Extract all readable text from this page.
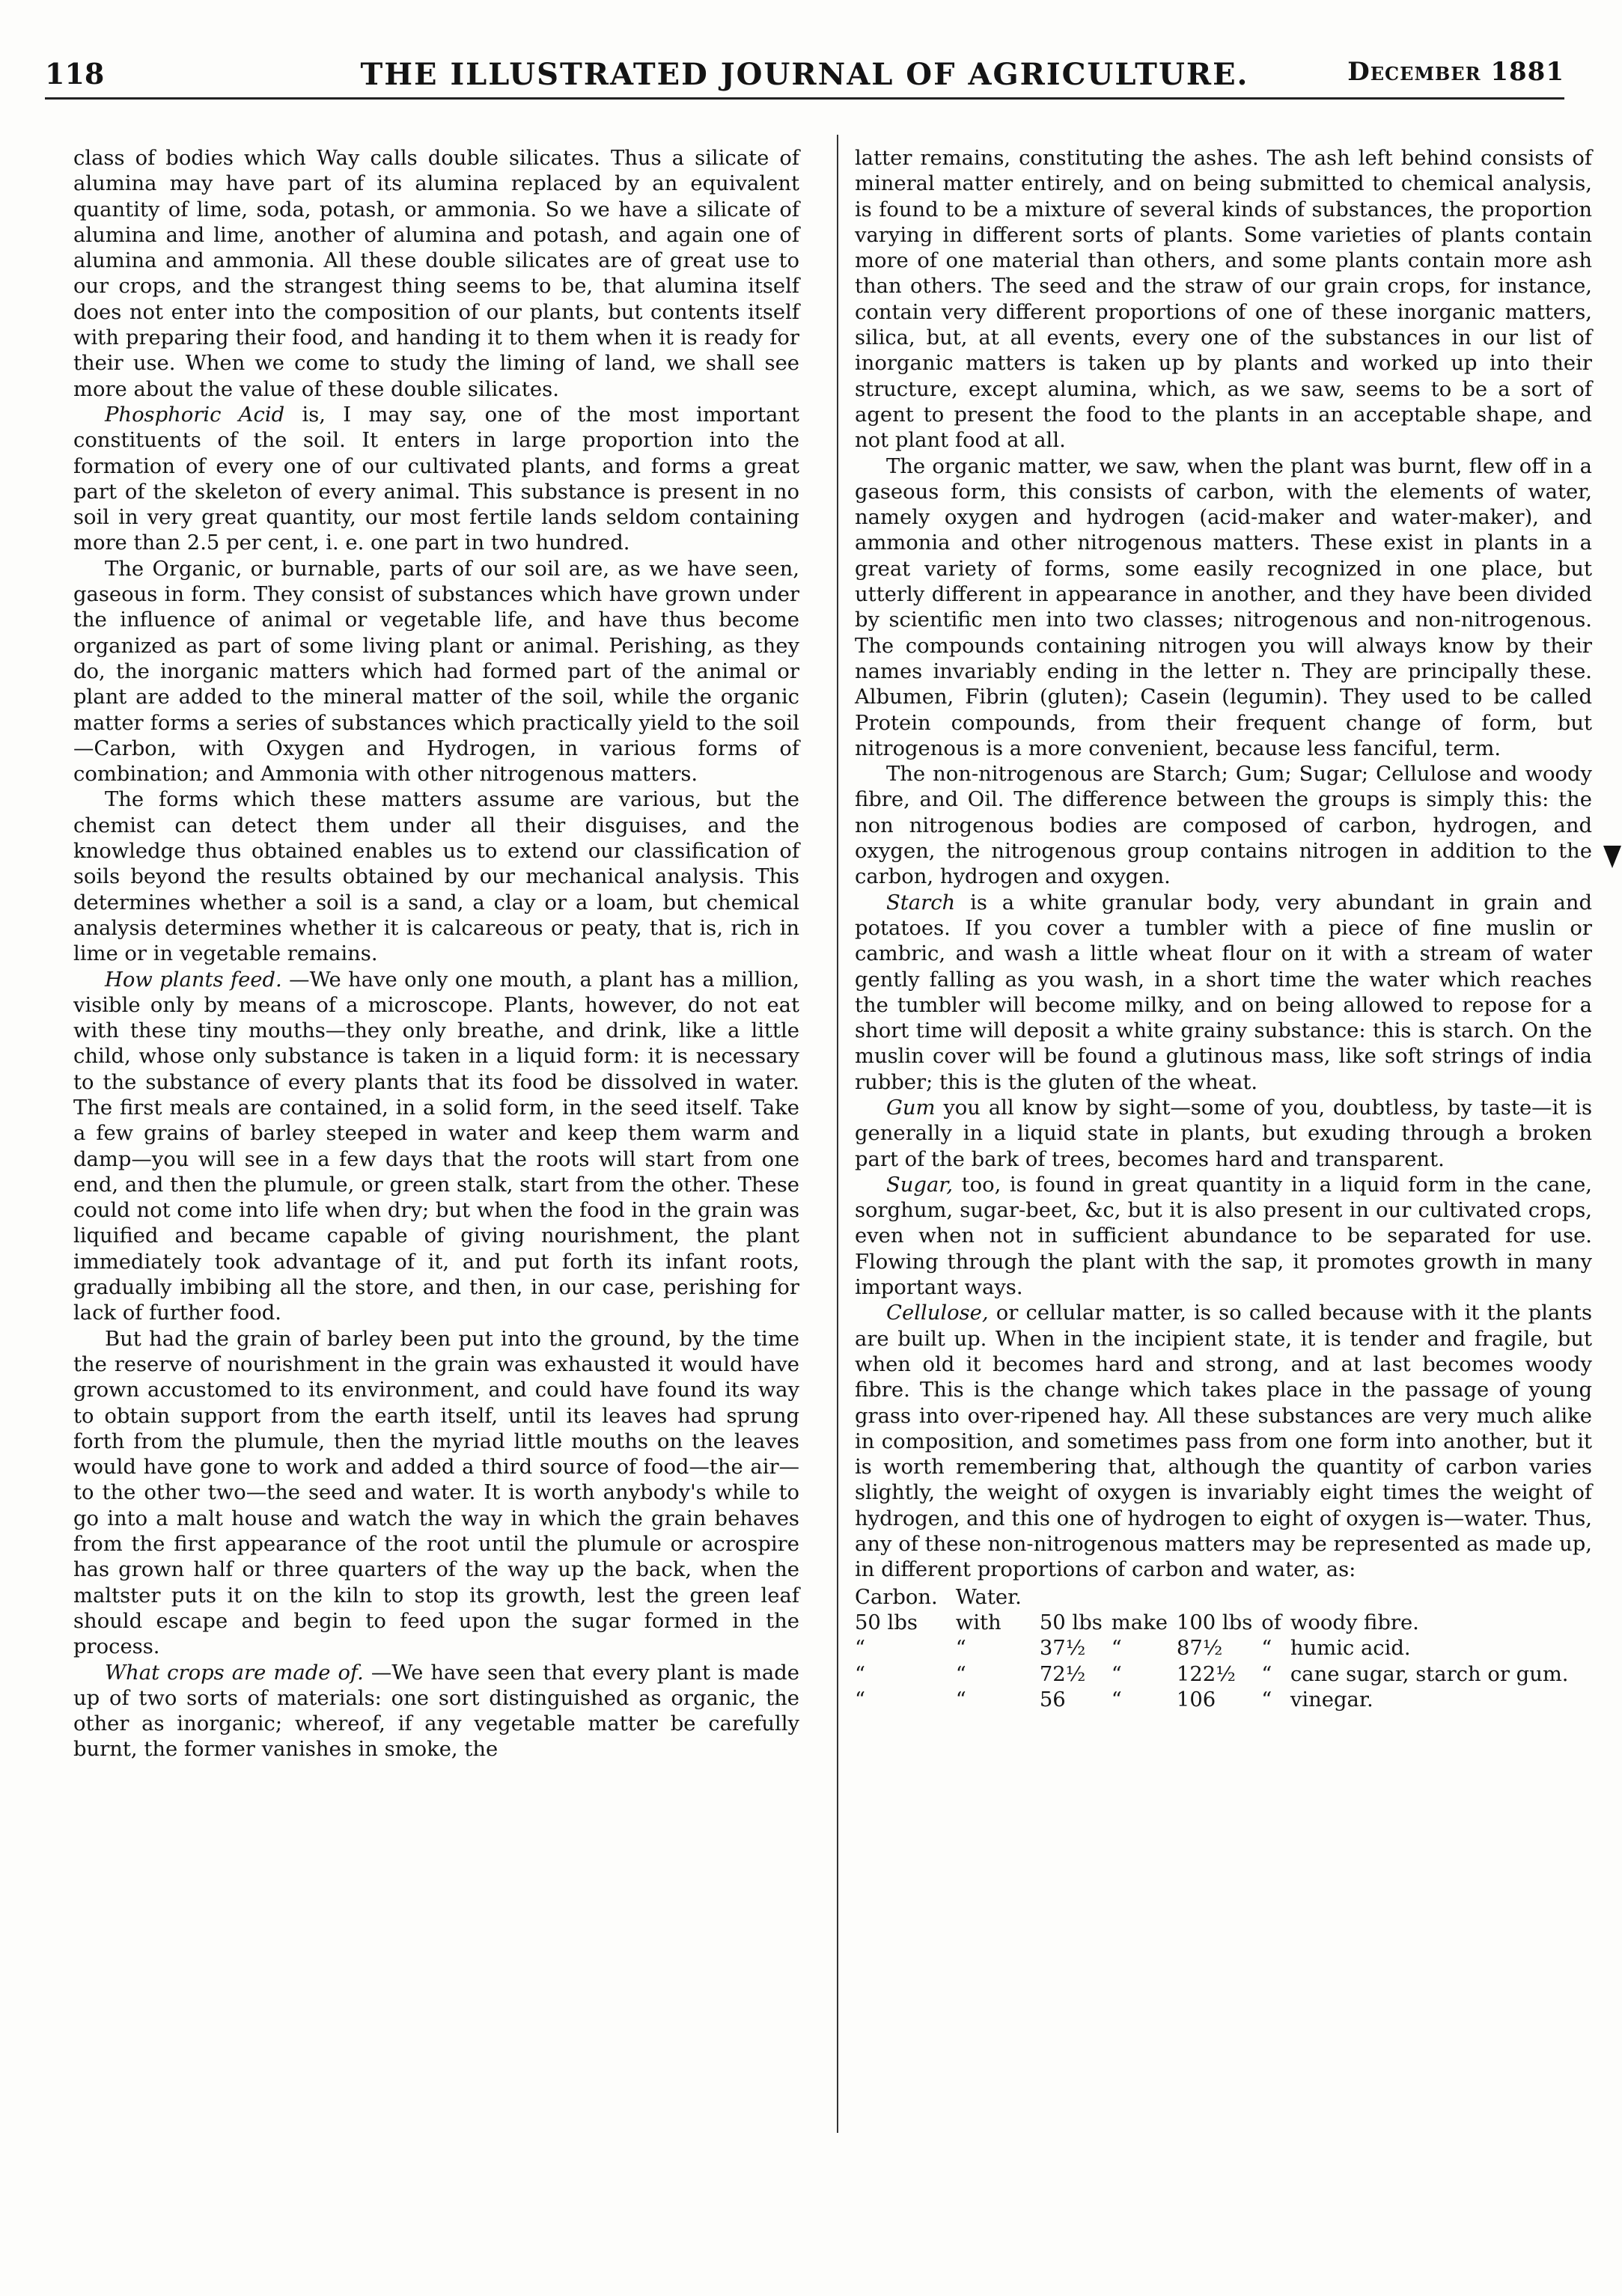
118	THE ILLUSTRATED JOURNAL OF AGRICULTURE.	December 1881

class of bodies which Way calls double silicates. Thus a silicate of alumina may have part of its alumina replaced by an equivalent quantity of lime, soda, potash, or ammonia. So we have a silicate of alumina and lime, another of alumina and potash, and again one of alumina and ammonia. All these double silicates are of great use to our crops, and the strangest thing seems to be, that alumina itself does not enter into the composition of our plants, but contents itself with preparing their food, and handing it to them when it is ready for their use. When we come to study the liming of land, we shall see more about the value of these double silicates.

Phosphoric Acid is, I may say, one of the most important constituents of the soil. It enters in large proportion into the formation of every one of our cultivated plants, and forms a great part of the skeleton of every animal. This substance is present in no soil in very great quantity, our most fertile lands seldom containing more than 2.5 per cent, i. e. one part in two hundred.

The Organic, or burnable, parts of our soil are, as we have seen, gaseous in form. They consist of substances which have grown under the influence of animal or vegetable life, and have thus become organized as part of some living plant or animal. Perishing, as they do, the inorganic matters which had formed part of the animal or plant are added to the mineral matter of the soil, while the organic matter forms a series of substances which practically yield to the soil—Carbon, with Oxygen and Hydrogen, in various forms of combination; and Ammonia with other nitrogenous matters.

The forms which these matters assume are various, but the chemist can detect them under all their disguises, and the knowledge thus obtained enables us to extend our classification of soils beyond the results obtained by our mechanical analysis. This determines whether a soil is a sand, a clay or a loam, but chemical analysis determines whether it is calcareous or peaty, that is, rich in lime or in vegetable remains.

How plants feed. —We have only one mouth, a plant has a million, visible only by means of a microscope. Plants, however, do not eat with these tiny mouths—they only breathe, and drink, like a little child, whose only substance is taken in a liquid form: it is necessary to the substance of every plants that its food be dissolved in water. The first meals are contained, in a solid form, in the seed itself. Take a few grains of barley steeped in water and keep them warm and damp—you will see in a few days that the roots will start from one end, and then the plumule, or green stalk, start from the other. These could not come into life when dry; but when the food in the grain was liquified and became capable of giving nourishment, the plant immediately took advantage of it, and put forth its infant roots, gradually imbibing all the store, and then, in our case, perishing for lack of further food.

But had the grain of barley been put into the ground, by the time the reserve of nourishment in the grain was exhausted it would have grown accustomed to its environment, and could have found its way to obtain support from the earth itself, until its leaves had sprung forth from the plumule, then the myriad little mouths on the leaves would have gone to work and added a third source of food—the air—to the other two—the seed and water. It is worth anybody's while to go into a malt house and watch the way in which the grain behaves from the first appearance of the root until the plumule or acrospire has grown half or three quarters of the way up the back, when the maltster puts it on the kiln to stop its growth, lest the green leaf should escape and begin to feed upon the sugar formed in the process.

What crops are made of. —We have seen that every plant is made up of two sorts of materials: one sort distinguished as organic, the other as inorganic; whereof, if any vegetable matter be carefully burnt, the former vanishes in smoke, the

latter remains, constituting the ashes. The ash left behind consists of mineral matter entirely, and on being submitted to chemical analysis, is found to be a mixture of several kinds of substances, the proportion varying in different sorts of plants. Some varieties of plants contain more of one material than others, and some plants contain more ash than others. The seed and the straw of our grain crops, for instance, contain very different proportions of one of these inorganic matters, silica, but, at all events, every one of the substances in our list of inorganic matters is taken up by plants and worked up into their structure, except alumina, which, as we saw, seems to be a sort of agent to present the food to the plants in an acceptable shape, and not plant food at all.

The organic matter, we saw, when the plant was burnt, flew off in a gaseous form, this consists of carbon, with the elements of water, namely oxygen and hydrogen (acid-maker and water-maker), and ammonia and other nitrogenous matters. These exist in plants in a great variety of forms, some easily recognized in one place, but utterly different in appearance in another, and they have been divided by scientific men into two classes; nitrogenous and non-nitrogenous. The compounds containing nitrogen you will always know by their names invariably ending in the letter n. They are principally these. Albumen, Fibrin (gluten); Casein (legumin). They used to be called Protein compounds, from their frequent change of form, but nitrogenous is a more convenient, because less fanciful, term.

The non-nitrogenous are Starch; Gum; Sugar; Cellulose and woody fibre, and Oil. The difference between the groups is simply this: the non nitrogenous bodies are composed of carbon, hydrogen, and oxygen, the nitrogenous group contains nitrogen in addition to the carbon, hydrogen and oxygen.

Starch is a white granular body, very abundant in grain and potatoes. If you cover a tumbler with a piece of fine muslin or cambric, and wash a little wheat flour on it with a stream of water gently falling as you wash, in a short time the water which reaches the tumbler will become milky, and on being allowed to repose for a short time will deposit a white grainy substance: this is starch. On the muslin cover will be found a glutinous mass, like soft strings of india rubber; this is the gluten of the wheat.

Gum you all know by sight—some of you, doubtless, by taste—it is generally in a liquid state in plants, but exuding through a broken part of the bark of trees, becomes hard and transparent.

Sugar, too, is found in great quantity in a liquid form in the cane, sorghum, sugar-beet, &c, but it is also present in our cultivated crops, even when not in sufficient abundance to be separated for use. Flowing through the plant with the sap, it promotes growth in many important ways.

Cellulose, or cellular matter, is so called because with it the plants are built up. When in the incipient state, it is tender and fragile, but when old it becomes hard and strong, and at last becomes woody fibre. This is the change which takes place in the passage of young grass into over-ripened hay. All these substances are very much alike in composition, and sometimes pass from one form into another, but it is worth remembering that, although the quantity of carbon varies slightly, the weight of oxygen is invariably eight times the weight of hydrogen, and this one of hydrogen to eight of oxygen is—water. Thus, any of these non-nitrogenous matters may be represented as made up, in different proportions of carbon and water, as:

Carbon.	Water.					
50 lbs	with	50 lbs	make	100 lbs	of	woody fibre.
“	“	37½	“	87½	“	humic acid.
“	“	72½	“	122½	“	cane sugar, starch or gum.
“	“	56	“	106	“	vinegar.
